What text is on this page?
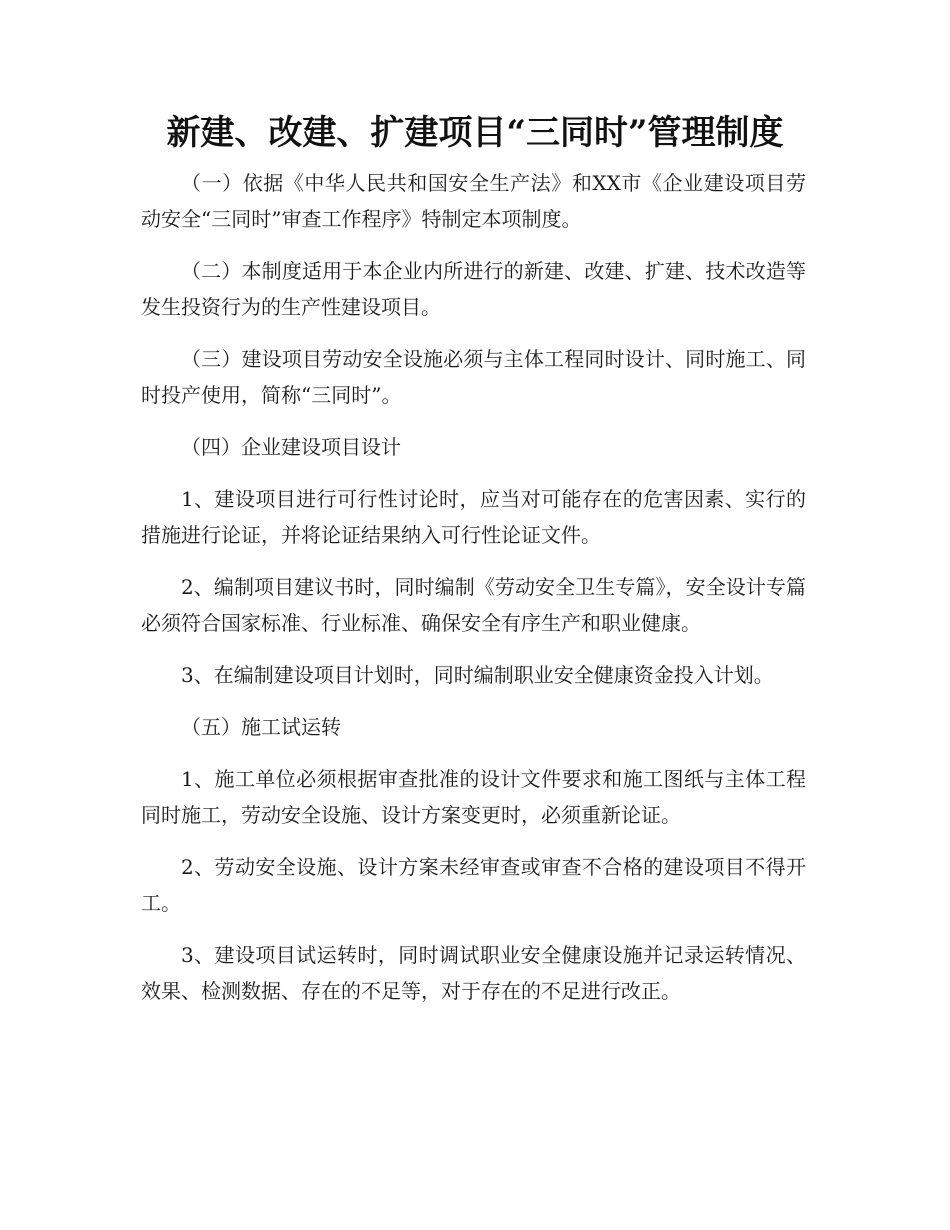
新建、改建、扩建项目“三同时”管理制度

（一）依据《中华人民共和国安全生产法》和XX市《企业建设项目劳动安全“三同时”审查工作程序》特制定本项制度。

（二）本制度适用于本企业内所进行的新建、改建、扩建、技术改造等发生投资行为的生产性建设项目。

（三）建设项目劳动安全设施必须与主体工程同时设计、同时施工、同时投产使用，简称“三同时”。

（四）企业建设项目设计

1、建设项目进行可行性讨论时，应当对可能存在的危害因素、实行的措施进行论证，并将论证结果纳入可行性论证文件。

2、编制项目建议书时，同时编制《劳动安全卫生专篇》，安全设计专篇必须符合国家标准、行业标准、确保安全有序生产和职业健康。

3、在编制建设项目计划时，同时编制职业安全健康资金投入计划。

（五）施工试运转

1、施工单位必须根据审查批准的设计文件要求和施工图纸与主体工程同时施工，劳动安全设施、设计方案变更时，必须重新论证。

2、劳动安全设施、设计方案未经审查或审查不合格的建设项目不得开工。

3、建设项目试运转时，同时调试职业安全健康设施并记录运转情况、效果、检测数据、存在的不足等，对于存在的不足进行改正。
